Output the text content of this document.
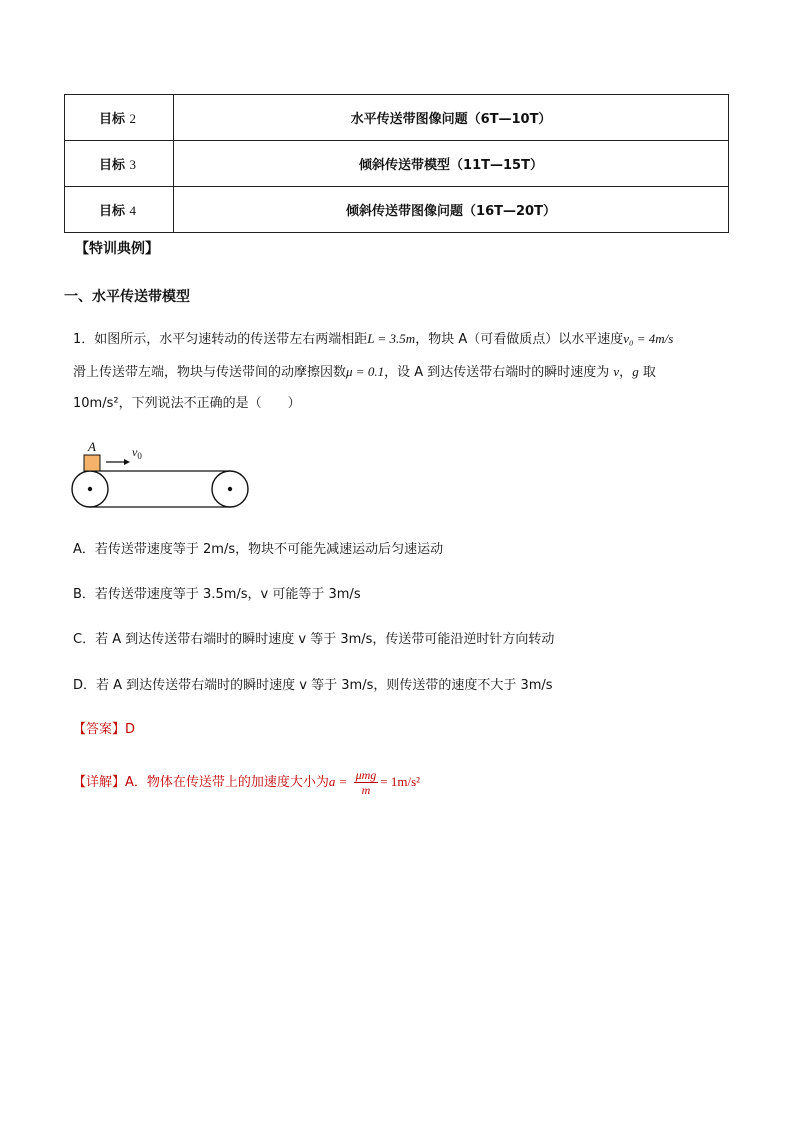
目标 2	水平传送带图像问题（6T—10T）
目标 3	倾斜传送带模型（11T—15T）
目标 4	倾斜传送带图像问题（16T—20T）
【特训典例】
一、水平传送带模型
1．如图所示，水平匀速转动的传送带左右两端相距L = 3.5m，物块 A（可看做质点）以水平速度v₀ = 4m/s
滑上传送带左端，物块与传送带间的动摩擦因数μ = 0.1，设 A 到达传送带右端时的瞬时速度为 v，g 取
10m/s²，下列说法不正确的是（　　）
A	$v_0$
A．若传送带速度等于 2m/s，物块不可能先减速运动后匀速运动
B．若传送带速度等于 3.5m/s，v 可能等于 3m/s
C．若 A 到达传送带右端时的瞬时速度 v 等于 3m/s，传送带可能沿逆时针方向转动
D．若 A 到达传送带右端时的瞬时速度 v 等于 3m/s，则传送带的速度不大于 3m/s
【答案】D
【详解】A．物体在传送带上的加速度大小为$a = \frac{\text{μmg}}{m} = 1m/s^2$
